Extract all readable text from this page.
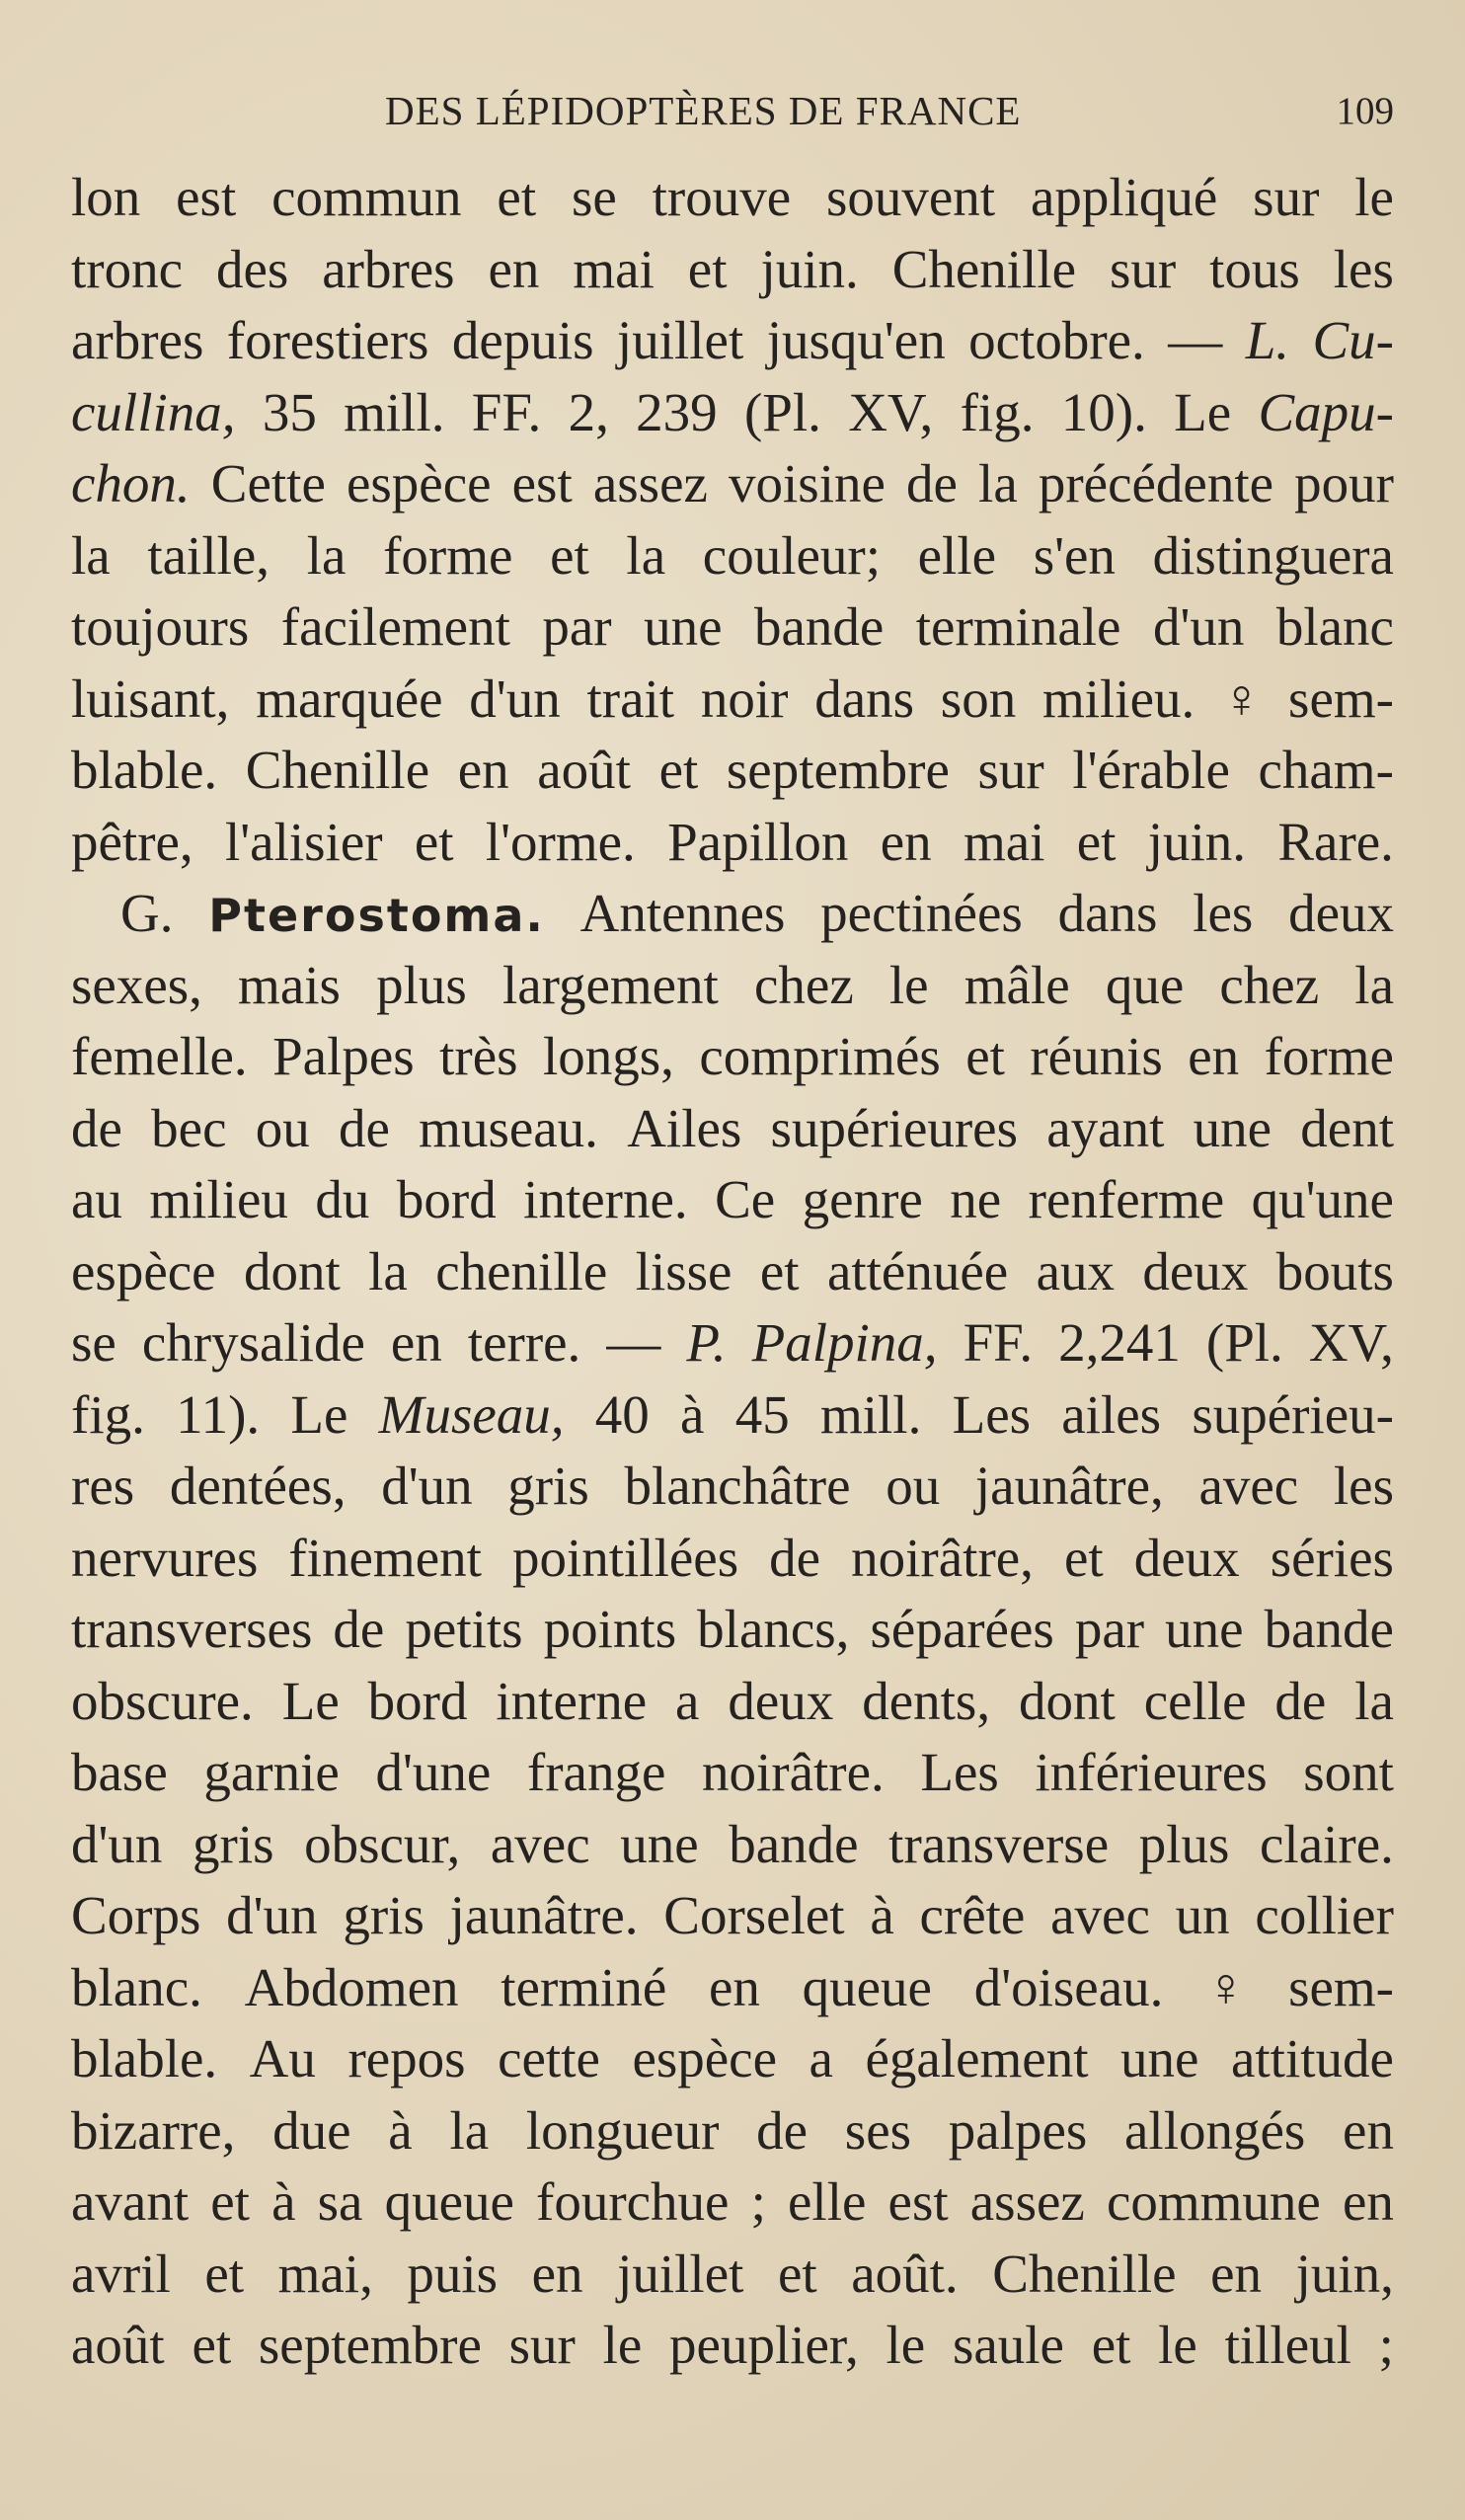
DES LÉPIDOPTÈRES DE FRANCE	109
lon est commun et se trouve souvent appliqué sur le
tronc des arbres en mai et juin. Chenille sur tous les
arbres forestiers depuis juillet jusqu'en octobre. — L. Cu-
cullina, 35 mill. FF. 2, 239 (Pl. XV, fig. 10). Le Capu-
chon. Cette espèce est assez voisine de la précédente pour
la taille, la forme et la couleur; elle s'en distinguera
toujours facilement par une bande terminale d'un blanc
luisant, marquée d'un trait noir dans son milieu. ♀ sem-
blable. Chenille en août et septembre sur l'érable cham-
pêtre, l'alisier et l'orme. Papillon en mai et juin. Rare.
G. Pterostoma. Antennes pectinées dans les deux
sexes, mais plus largement chez le mâle que chez la
femelle. Palpes très longs, comprimés et réunis en forme
de bec ou de museau. Ailes supérieures ayant une dent
au milieu du bord interne. Ce genre ne renferme qu'une
espèce dont la chenille lisse et atténuée aux deux bouts
se chrysalide en terre. — P. Palpina, FF. 2,241 (Pl. XV,
fig. 11). Le Museau, 40 à 45 mill. Les ailes supérieu-
res dentées, d'un gris blanchâtre ou jaunâtre, avec les
nervures finement pointillées de noirâtre, et deux séries
transverses de petits points blancs, séparées par une bande
obscure. Le bord interne a deux dents, dont celle de la
base garnie d'une frange noirâtre. Les inférieures sont
d'un gris obscur, avec une bande transverse plus claire.
Corps d'un gris jaunâtre. Corselet à crête avec un collier
blanc. Abdomen terminé en queue d'oiseau. ♀ sem-
blable. Au repos cette espèce a également une attitude
bizarre, due à la longueur de ses palpes allongés en
avant et à sa queue fourchue ; elle est assez commune en
avril et mai, puis en juillet et août. Chenille en juin,
août et septembre sur le peuplier, le saule et le tilleul ;
